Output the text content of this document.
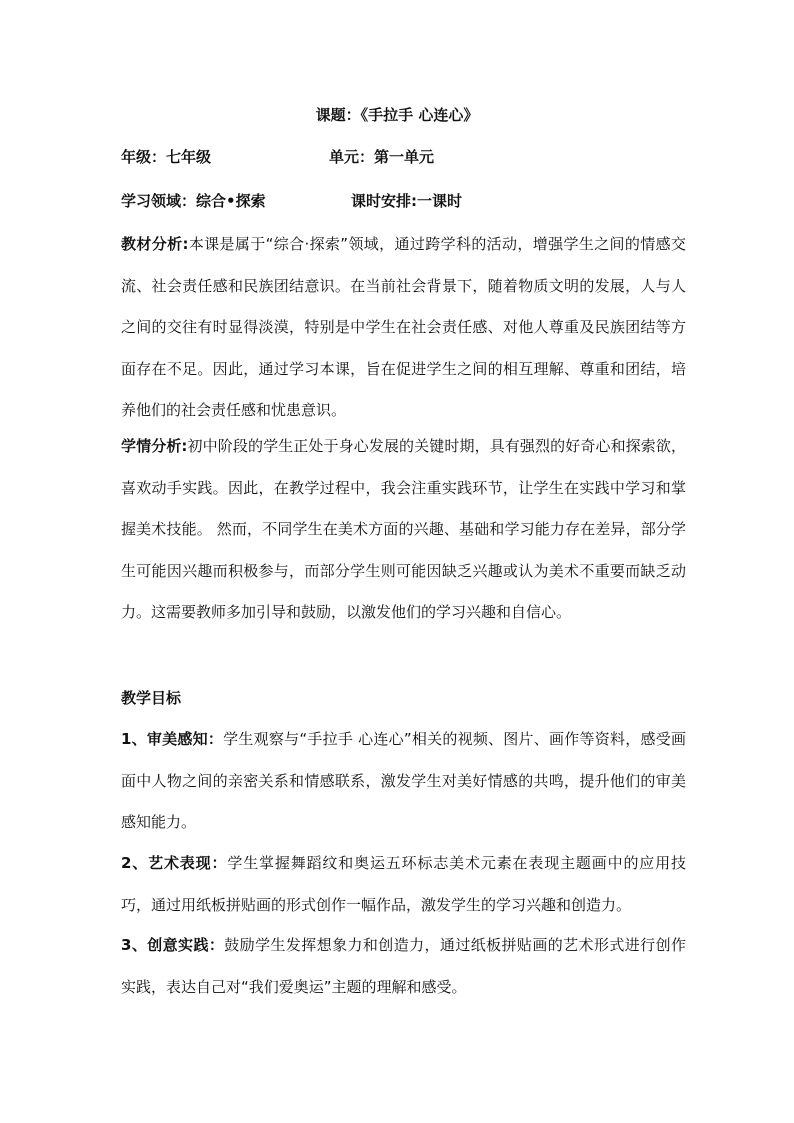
课题：《手拉手 心连心》
年级：七年级	单元：第一单元
学习领域：综合•探索	课时安排:一课时
教材分析:本课是属于“综合·探索”领域，通过跨学科的活动，增强学生之间的情感交流、社会责任感和民族团结意识。在当前社会背景下，随着物质文明的发展，人与人之间的交往有时显得淡漠，特别是中学生在社会责任感、对他人尊重及民族团结等方面存在不足。因此，通过学习本课，旨在促进学生之间的相互理解、尊重和团结，培养他们的社会责任感和忧患意识。
学情分析:初中阶段的学生正处于身心发展的关键时期，具有强烈的好奇心和探索欲，喜欢动手实践。因此，在教学过程中，我会注重实践环节，让学生在实践中学习和掌握美术技能。 然而，不同学生在美术方面的兴趣、基础和学习能力存在差异，部分学生可能因兴趣而积极参与，而部分学生则可能因缺乏兴趣或认为美术不重要而缺乏动力。这需要教师多加引导和鼓励，以激发他们的学习兴趣和自信心。
教学目标
1、审美感知：学生观察与“手拉手 心连心”相关的视频、图片、画作等资料，感受画面中人物之间的亲密关系和情感联系，激发学生对美好情感的共鸣，提升他们的审美感知能力。
2、艺术表现：学生掌握舞蹈纹和奥运五环标志美术元素在表现主题画中的应用技巧，通过用纸板拼贴画的形式创作一幅作品，激发学生的学习兴趣和创造力。
3、创意实践：鼓励学生发挥想象力和创造力，通过纸板拼贴画的艺术形式进行创作实践，表达自己对“我们爱奥运”主题的理解和感受。
